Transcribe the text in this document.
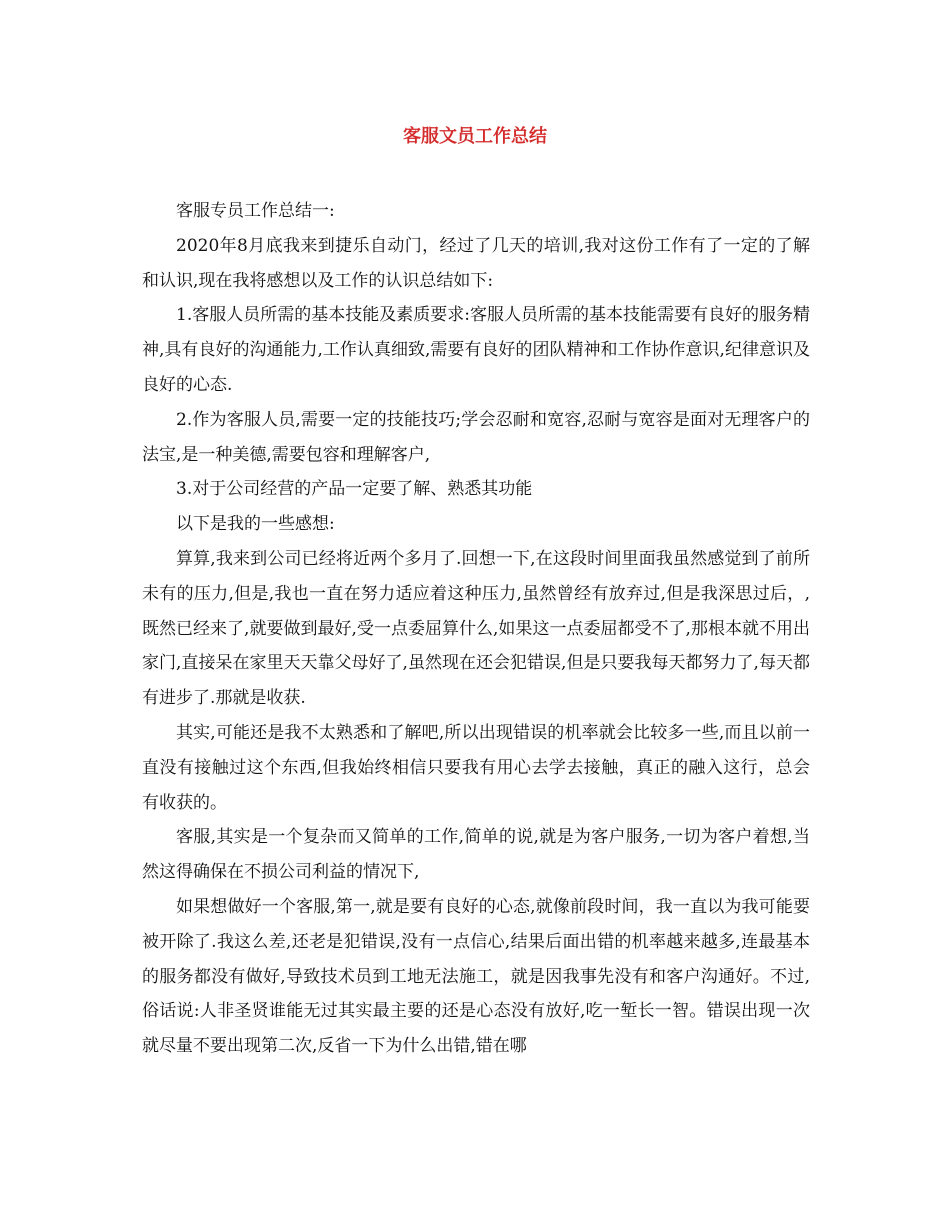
客服文员工作总结

客服专员工作总结一:

2020年8月底我来到捷乐自动门，经过了几天的培训,我对这份工作有了一定的了解和认识,现在我将感想以及工作的认识总结如下:

1.客服人员所需的基本技能及素质要求:客服人员所需的基本技能需要有良好的服务精神,具有良好的沟通能力,工作认真细致,需要有良好的团队精神和工作协作意识,纪律意识及良好的心态.

2.作为客服人员,需要一定的技能技巧;学会忍耐和宽容,忍耐与宽容是面对无理客户的法宝,是一种美德,需要包容和理解客户,

3.对于公司经营的产品一定要了解、熟悉其功能

以下是我的一些感想:

算算,我来到公司已经将近两个多月了.回想一下,在这段时间里面我虽然感觉到了前所未有的压力,但是,我也一直在努力适应着这种压力,虽然曾经有放弃过,但是我深思过后，,既然已经来了,就要做到最好,受一点委屈算什么,如果这一点委屈都受不了,那根本就不用出家门,直接呆在家里天天靠父母好了,虽然现在还会犯错误,但是只要我每天都努力了,每天都有进步了.那就是收获.

其实,可能还是我不太熟悉和了解吧,所以出现错误的机率就会比较多一些,而且以前一直没有接触过这个东西,但我始终相信只要我有用心去学去接触，真正的融入这行，总会有收获的。

客服,其实是一个复杂而又简单的工作,简单的说,就是为客户服务,一切为客户着想,当然这得确保在不损公司利益的情况下,

如果想做好一个客服,第一,就是要有良好的心态,就像前段时间，我一直以为我可能要被开除了.我这么差,还老是犯错误,没有一点信心,结果后面出错的机率越来越多,连最基本的服务都没有做好,导致技术员到工地无法施工，就是因我事先没有和客户沟通好。不过,俗话说:人非圣贤谁能无过其实最主要的还是心态没有放好,吃一堑长一智。错误出现一次就尽量不要出现第二次,反省一下为什么出错,错在哪
